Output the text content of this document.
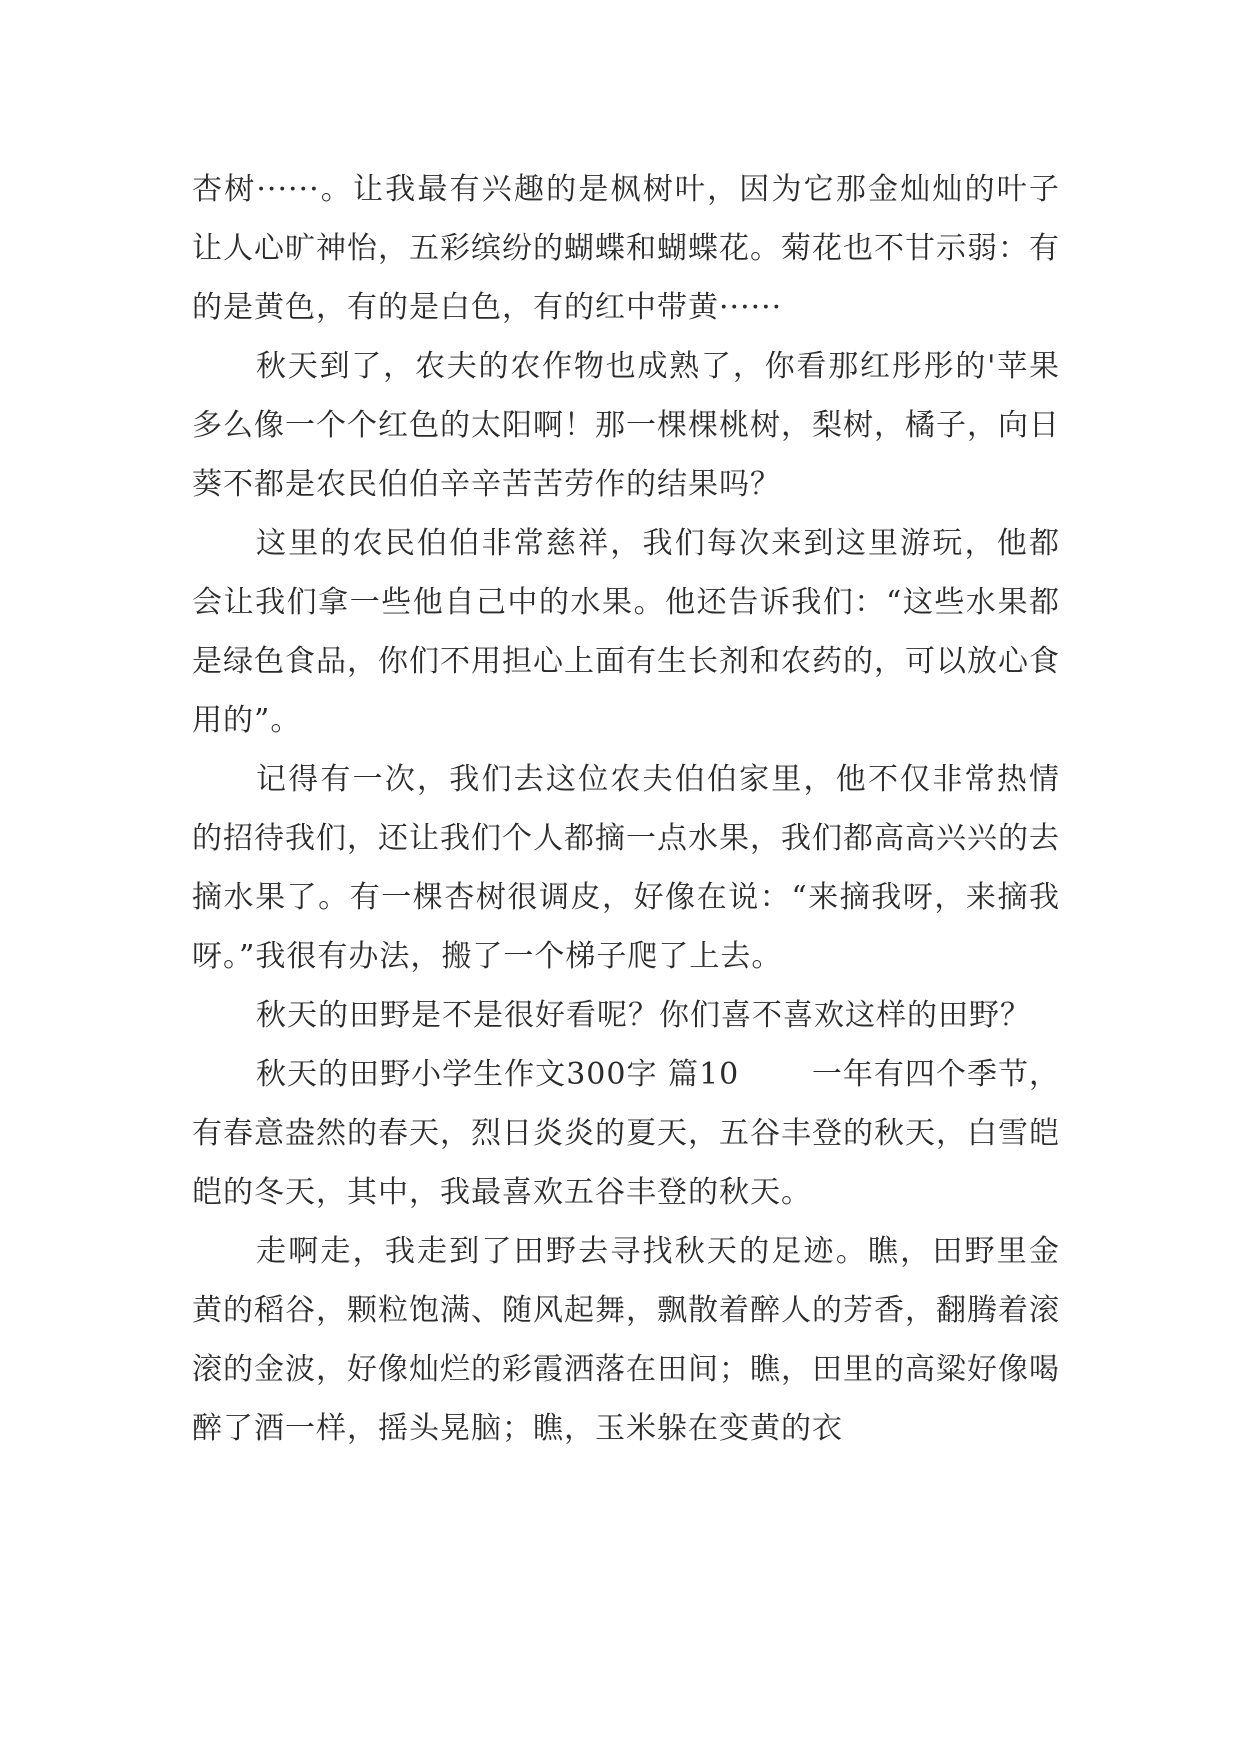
杏树······。让我最有兴趣的是枫树叶，因为它那金灿灿的叶子让人心旷神怡，五彩缤纷的蝴蝶和蝴蝶花。菊花也不甘示弱：有的是黄色，有的是白色，有的红中带黄······

秋天到了，农夫的农作物也成熟了，你看那红彤彤的'苹果多么像一个个红色的太阳啊！那一棵棵桃树，梨树，橘子，向日葵不都是农民伯伯辛辛苦苦劳作的结果吗？

这里的农民伯伯非常慈祥，我们每次来到这里游玩，他都会让我们拿一些他自己中的水果。他还告诉我们：“这些水果都是绿色食品，你们不用担心上面有生长剂和农药的，可以放心食用的”。

记得有一次，我们去这位农夫伯伯家里，他不仅非常热情的招待我们，还让我们个人都摘一点水果，我们都高高兴兴的去摘水果了。有一棵杏树很调皮，好像在说：“来摘我呀，来摘我呀。”我很有办法，搬了一个梯子爬了上去。

秋天的田野是不是很好看呢？你们喜不喜欢这样的田野？

秋天的田野小学生作文300字 篇10 　　一年有四个季节，有春意盎然的春天，烈日炎炎的夏天，五谷丰登的秋天，白雪皑皑的冬天，其中，我最喜欢五谷丰登的秋天。

走啊走，我走到了田野去寻找秋天的足迹。瞧，田野里金黄的稻谷，颗粒饱满、随风起舞，飘散着醉人的芳香，翻腾着滚滚的金波，好像灿烂的彩霞洒落在田间；瞧，田里的高粱好像喝醉了酒一样，摇头晃脑；瞧，玉米躲在变黄的衣
